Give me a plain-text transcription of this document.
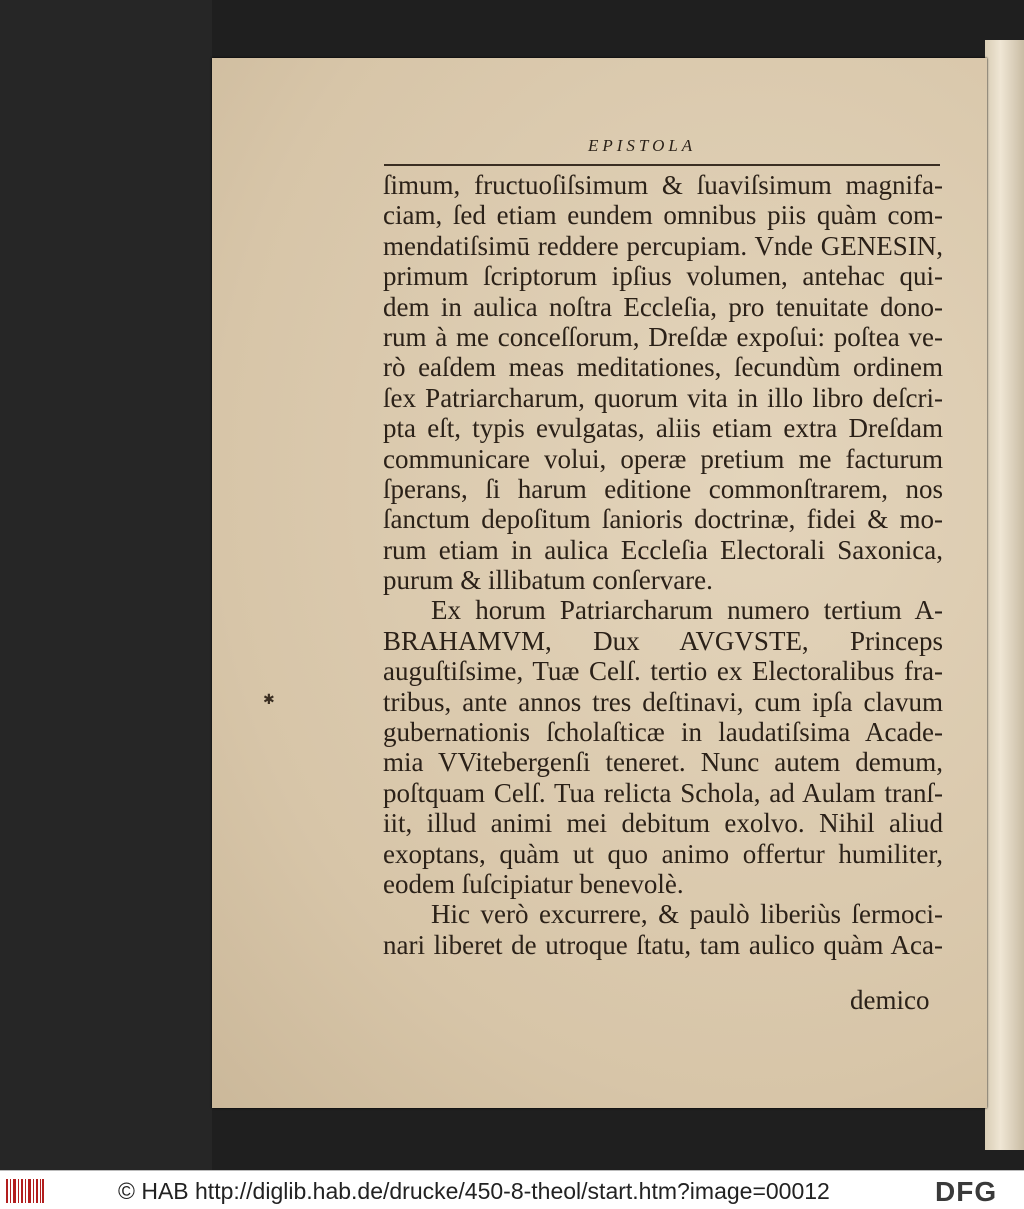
EPISTOLA
ſimum, fructuoſiſsimum & ſuaviſsimum magnifa-
ciam, ſed etiam eundem omnibus piis quàm com-
mendatiſsimū reddere percupiam. Vnde GENESIN,
primum ſcriptorum ipſius volumen, antehac qui-
dem in aulica noſtra Eccleſia, pro tenuitate dono-
rum à me conceſſorum, Dreſdæ expoſui: poſtea ve-
rò eaſdem meas meditationes, ſecundùm ordinem
ſex Patriarcharum, quorum vita in illo libro deſcri-
pta eſt, typis evulgatas, aliis etiam extra Dreſdam
communicare volui, operæ pretium me facturum
ſperans, ſi harum editione commonſtrarem, nos
ſanctum depoſitum ſanioris doctrinæ, fidei & mo-
rum etiam in aulica Eccleſia Electorali Saxonica,
purum & illibatum conſervare.
Ex horum Patriarcharum numero tertium A-
BRAHAMVM, Dux AVGVSTE, Princeps
auguſtiſsime, Tuæ Celſ. tertio ex Electoralibus fra-
tribus, ante annos tres deſtinavi, cum ipſa clavum
gubernationis ſcholaſticæ in laudatiſsima Acade-
mia VVitebergenſi teneret. Nunc autem demum,
poſtquam Celſ. Tua relicta Schola, ad Aulam tranſ-
iit, illud animi mei debitum exolvo. Nihil aliud
exoptans, quàm ut quo animo offertur humiliter,
eodem ſuſcipiatur benevolè.
Hic verò excurrere, & paulò liberiùs ſermoci-
nari liberet de utroque ſtatu, tam aulico quàm Aca-
✱
demico
© HAB http://diglib.hab.de/drucke/450-8-theol/start.htm?image=00012	DFG
